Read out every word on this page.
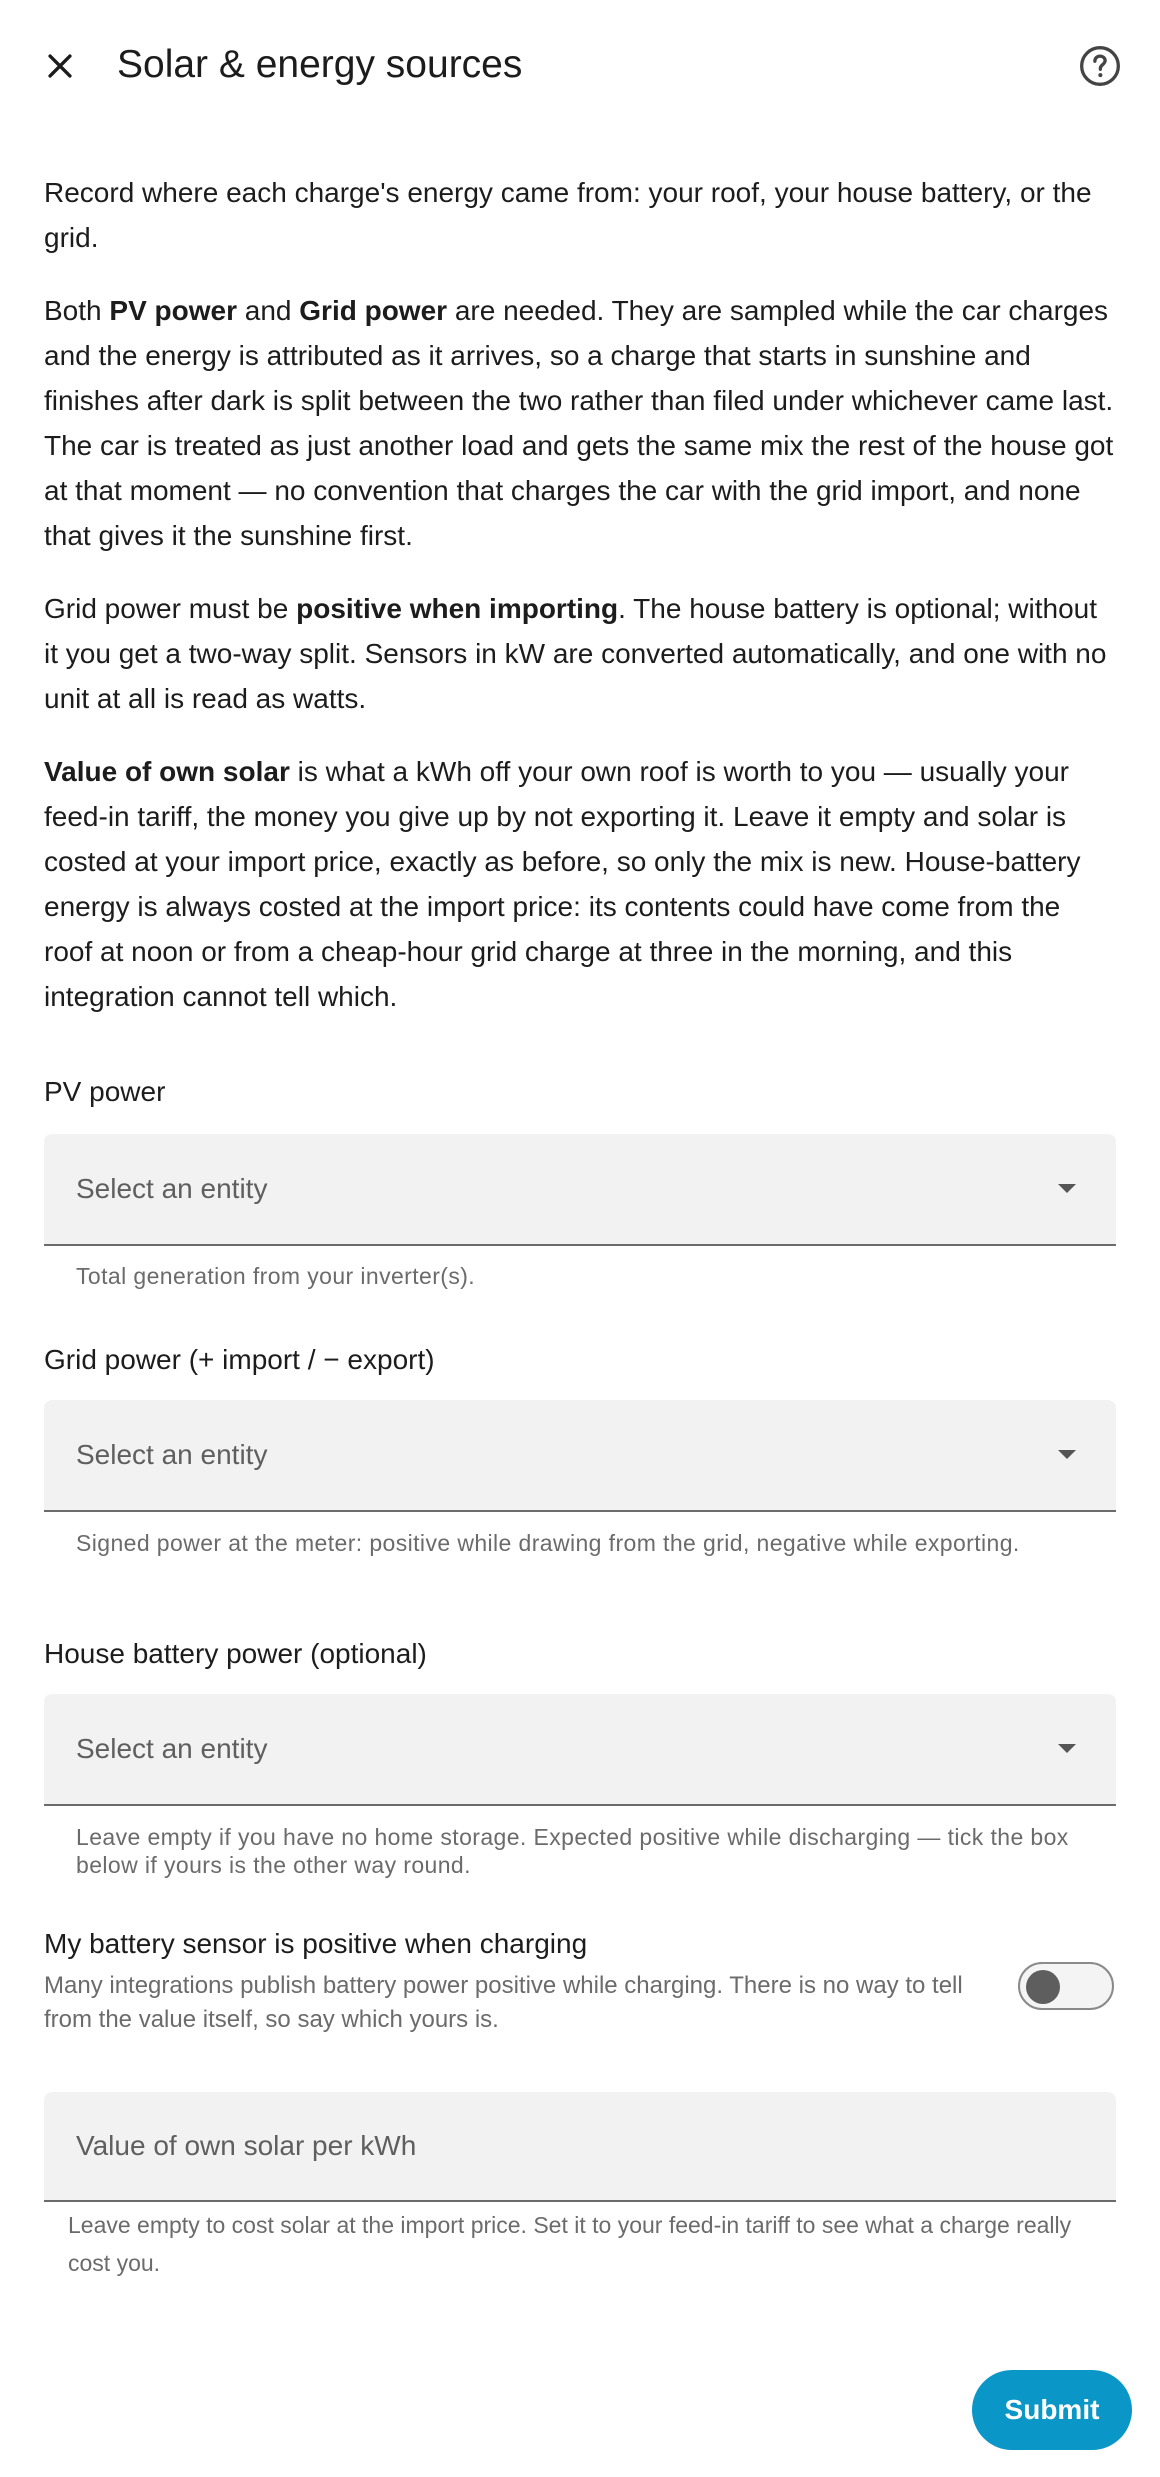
Solar & energy sources

Record where each charge's energy came from: your roof, your house battery, or the grid.

Both PV power and Grid power are needed. They are sampled while the car charges and the energy is attributed as it arrives, so a charge that starts in sunshine and finishes after dark is split between the two rather than filed under whichever came last. The car is treated as just another load and gets the same mix the rest of the house got at that moment — no convention that charges the car with the grid import, and none that gives it the sunshine first.

Grid power must be positive when importing. The house battery is optional; without it you get a two-way split. Sensors in kW are converted automatically, and one with no unit at all is read as watts.

Value of own solar is what a kWh off your own roof is worth to you — usually your feed-in tariff, the money you give up by not exporting it. Leave it empty and solar is costed at your import price, exactly as before, so only the mix is new. House-battery energy is always costed at the import price: its contents could have come from the roof at noon or from a cheap-hour grid charge at three in the morning, and this integration cannot tell which.

PV power
Select an entity
Total generation from your inverter(s).
Grid power (+ import / − export)
Select an entity
Signed power at the meter: positive while drawing from the grid, negative while exporting.
House battery power (optional)
Select an entity
Leave empty if you have no home storage. Expected positive while discharging — tick the box below if yours is the other way round.
My battery sensor is positive when charging
Many integrations publish battery power positive while charging. There is no way to tell from the value itself, so say which yours is.
Value of own solar per kWh
Leave empty to cost solar at the import price. Set it to your feed-in tariff to see what a charge really cost you.
Submit
